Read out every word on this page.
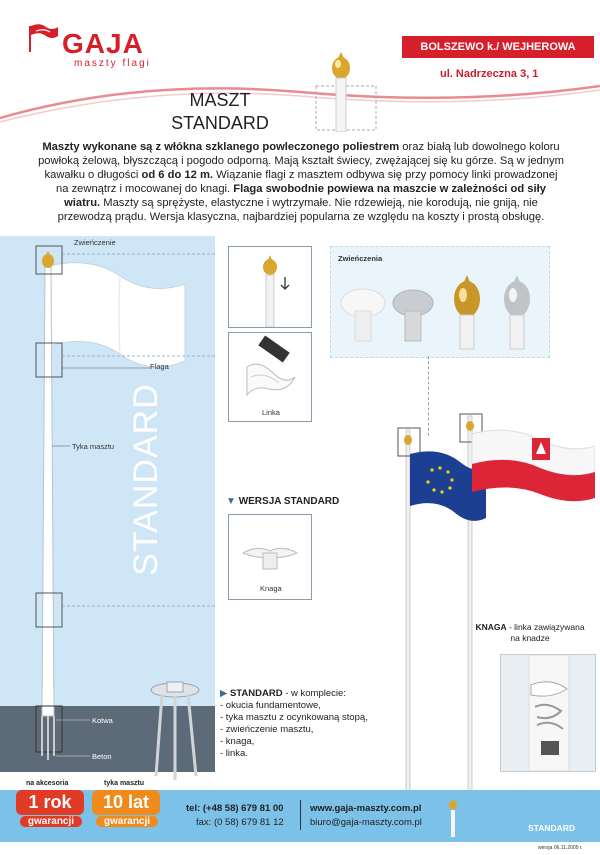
GAJA
maszty flagi
BOLSZEWO k./ WEJHEROWA
ul. Nadrzeczna 3, 1
MASZT
STANDARD
Maszty wykonane są z włókna szklanego powleczonego poliestrem oraz białą lub dowolnego koloru powłoką żelową, błyszczącą i pogodo odporną. Mają kształt świecy, zwężającej się ku górze. Są w jednym kawałku o długości od 6 do 12 m. Wiązanie flagi z masztem odbywa się przy pomocy linki prowadzonej na zewnątrz i mocowanej do knagi. Flaga swobodnie powiewa na maszcie w zależności od siły wiatru. Maszty są sprężyste, elastyczne i wytrzymałe. Nie rdzewieją, nie korodują, nie gniją, nie przewodzą prądu. Wersja klasyczna, najbardziej popularna ze względu na koszty i prostą obsługę.
STANDARD
Zwieńczenie
Flaga
Tyka masztu
Kotwa
Beton
Linka
Zwieńczenia
▼ WERSJA STANDARD
Knaga
KNAGA - linka zawiązywana na knadze
▶ STANDARD - w komplecie:
- okucia fundamentowe,
- tyka masztu z ocynkowaną stopą,
- zwieńczenie masztu,
- knaga,
- linka.
na akcesoria
1 rok
gwarancji
tyka masztu
10 lat
gwarancji
tel: (+48 58) 679 81 00
fax: (0 58) 679 81 12
www.gaja-maszty.com.pl
biuro@gaja-maszty.com.pl	STANDARD
wersja 06.11.2009 r.
